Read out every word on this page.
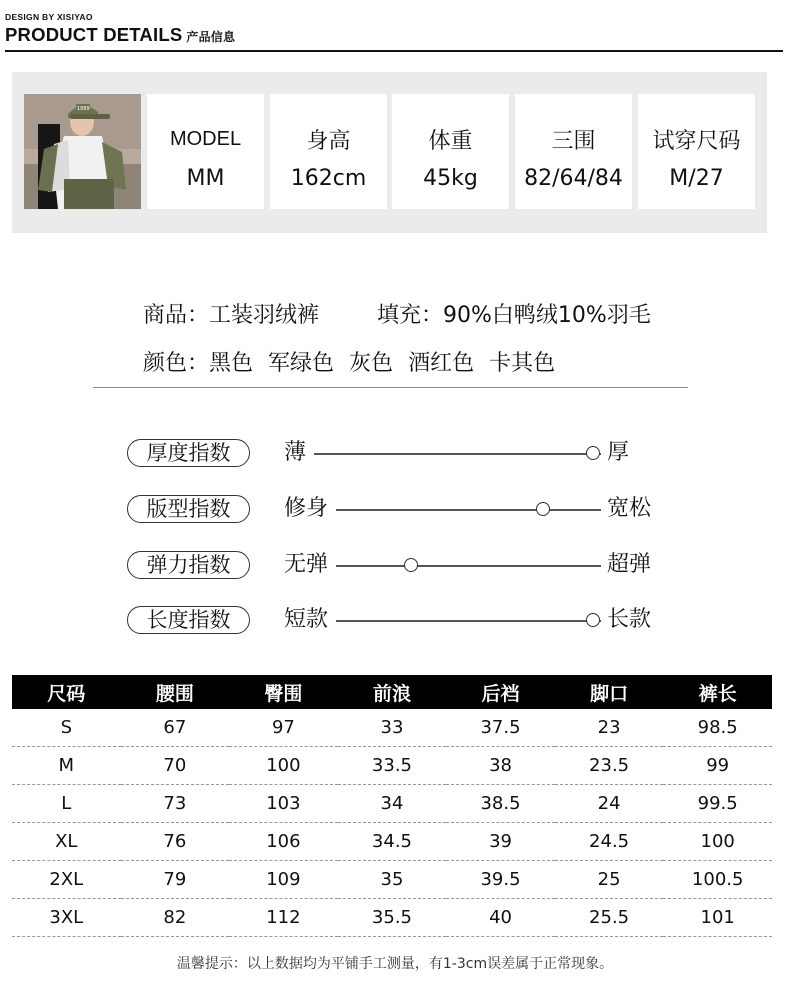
DESIGN BY XISIYAO
PRODUCT DETAILS 产品信息
1889
MODEL
MM
身高
162cm
体重
45kg
三围
82/64/84
试穿尺码
M/27
商品：工装羽绒裤	填充：90%白鸭绒10%羽毛
颜色：黑色 军绿色 灰色 酒红色 卡其色
厚度指数	薄	厚
版型指数	修身	宽松
弹力指数	无弹	超弹
长度指数	短款	长款
尺码	腰围	臀围	前浪	后裆	脚口	裤长
S	67	97	33	37.5	23	98.5
M	70	100	33.5	38	23.5	99
L	73	103	34	38.5	24	99.5
XL	76	106	34.5	39	24.5	100
2XL	79	109	35	39.5	25	100.5
3XL	82	112	35.5	40	25.5	101
温馨提示：以上数据均为平铺手工测量，有1-3cm误差属于正常现象。
